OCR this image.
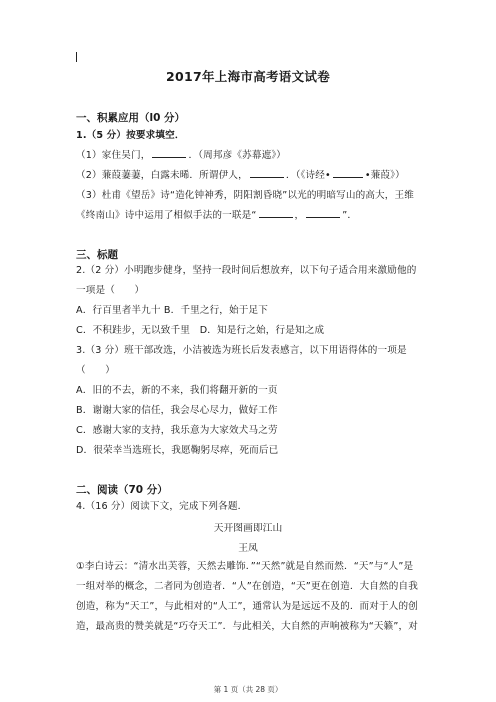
2017年上海市高考语文试卷
一、积累应用（l0 分）
1.（5 分）按要求填空．
（1）家住吴门，	．（周邦彦《苏幕遮》）
（2）蒹葭萋萋，白露未晞．所谓伊人，	．（《诗经•	•蒹葭》）
（3）杜甫《望岳》诗“造化钟神秀，阴阳割昏晓”以光的明暗写山的高大，王维
《终南山》诗中运用了相似手法的一联是“	，	”．
三、标题
2.（2 分）小明跑步健身，坚持一段时间后想放弃，以下句子适合用来激励他的
一项是（　　）
A．行百里者半九十 B．千里之行，始于足下
C．不积跬步，无以致千里　D．知是行之始，行是知之成
3.（3 分）班干部改选，小洁被选为班长后发表感言，以下用语得体的一项是
（　　）
A．旧的不去，新的不来，我们将翻开新的一页
B．谢谢大家的信任，我会尽心尽力，做好工作
C．感谢大家的支持，我乐意为大家效犬马之劳
D．很荣幸当选班长，我愿鞠躬尽瘁，死而后已
二、阅读（70 分）
4.（16 分）阅读下文，完成下列各题．
天开图画即江山
王凤
①李白诗云：“清水出芙蓉，天然去雕饰．”“天然”就是自然而然．“天”与“人”是
一组对举的概念，二者同为创造者．“人”在创造，“天”更在创造．大自然的自我
创造，称为“天工”，与此相对的“人工”，通常认为是远远不及的．而对于人的创
造，最高贵的赞美就是“巧夺天工”．与此相关，大自然的声响被称为“天籁”，对
第 1 页（共 28 页）
